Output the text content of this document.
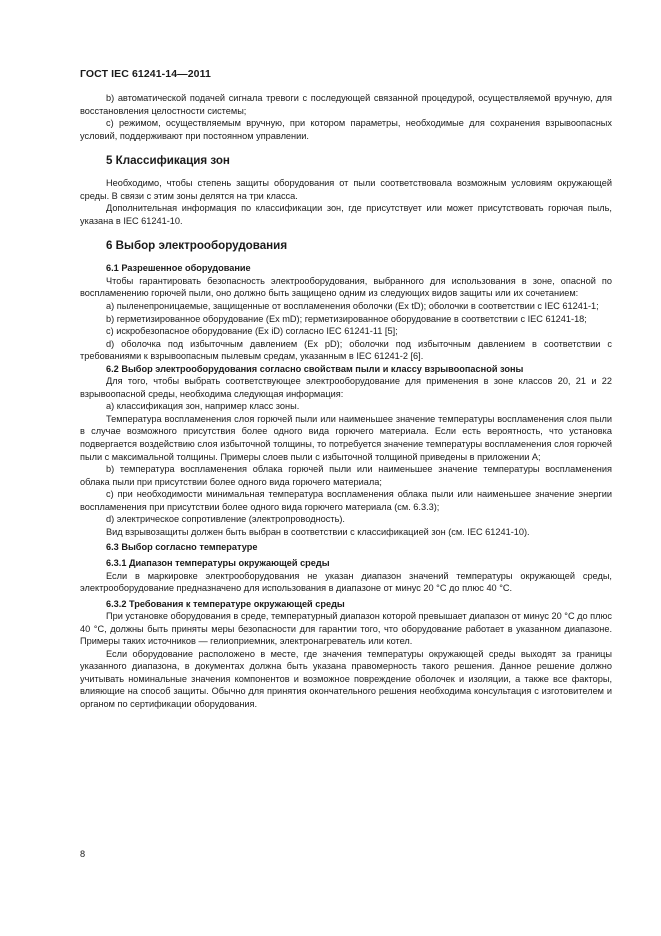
ГОСТ IEC 61241-14—2011

b) автоматической подачей сигнала тревоги с последующей связанной процедурой, осуществляемой вручную, для восстановления целостности системы;

c) режимом, осуществляемым вручную, при котором параметры, необходимые для сохранения взрывоопасных условий, поддерживают при постоянном управлении.

5 Классификация зон

Необходимо, чтобы степень защиты оборудования от пыли соответствовала возможным условиям окружающей среды. В связи с этим зоны делятся на три класса.

Дополнительная информация по классификации зон, где присутствует или может присутствовать горючая пыль, указана в IEC 61241-10.

6 Выбор электрооборудования

6.1 Разрешенное оборудование

Чтобы гарантировать безопасность электрооборудования, выбранного для использования в зоне, опасной по воспламенению горючей пыли, оно должно быть защищено одним из следующих видов защиты или их сочетанием:

a) пыленепроницаемые, защищенные от воспламенения оболочки (Ex tD); оболочки в соответствии с IEC 61241-1;

b) герметизированное оборудование (Ex mD); герметизированное оборудование в соответствии с IEC 61241-18;

c) искробезопасное оборудование (Ex iD) согласно IEC 61241-11 [5];

d) оболочка под избыточным давлением (Ex pD); оболочки под избыточным давлением в соответствии с требованиями к взрывоопасным пылевым средам, указанным в IEC 61241-2 [6].

6.2 Выбор электрооборудования согласно свойствам пыли и классу взрывоопасной зоны

Для того, чтобы выбрать соответствующее электрооборудование для применения в зоне классов 20, 21 и 22 взрывоопасной среды, необходима следующая информация:

a) классификация зон, например класс зоны.

Температура воспламенения слоя горючей пыли или наименьшее значение температуры воспламенения слоя пыли в случае возможного присутствия более одного вида горючего материала. Если есть вероятность, что установка подвергается воздействию слоя избыточной толщины, то потребуется значение температуры воспламенения слоя горючей пыли с максимальной толщины. Примеры слоев пыли с избыточной толщиной приведены в приложении А;

b) температура воспламенения облака горючей пыли или наименьшее значение температуры воспламенения облака пыли при присутствии более одного вида горючего материала;

c) при необходимости минимальная температура воспламенения облака пыли или наименьшее значение энергии воспламенения при присутствии более одного вида горючего материала (см. 6.3.3);

d) электрическое сопротивление (электропроводность).

Вид взрывозащиты должен быть выбран в соответствии с классификацией зон (см. IEC 61241-10).

6.3 Выбор согласно температуре

6.3.1 Диапазон температуры окружающей среды

Если в маркировке электрооборудования не указан диапазон значений температуры окружающей среды, электрооборудование предназначено для использования в диапазоне от минус 20 °С до плюс 40 °С.

6.3.2 Требования к температуре окружающей среды

При установке оборудования в среде, температурный диапазон которой превышает диапазон от минус 20 °С до плюс 40 °С, должны быть приняты меры безопасности для гарантии того, что оборудование работает в указанном диапазоне. Примеры таких источников — гелиоприемник, электронагреватель или котел.

Если оборудование расположено в месте, где значения температуры окружающей среды выходят за границы указанного диапазона, в документах должна быть указана правомерность такого решения. Данное решение должно учитывать номинальные значения компонентов и возможное повреждение оболочек и изоляции, а также все факторы, влияющие на способ защиты. Обычно для принятия окончательного решения необходима консультация с изготовителем и органом по сертификации оборудования.

8
